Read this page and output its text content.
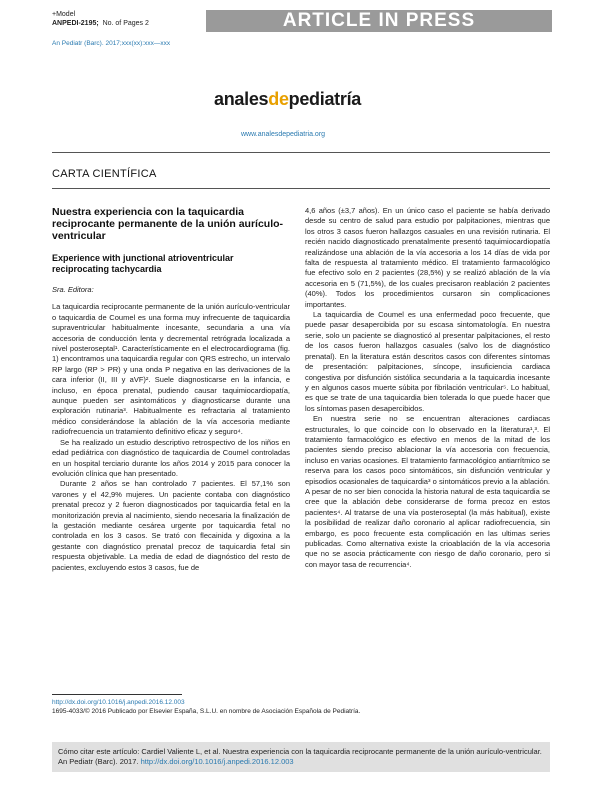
+Model
ANPEDI-2195; No. of Pages 2	ARTICLE IN PRESS
An Pediatr (Barc). 2017;xxx(xx):xxx—xxx
analesdepediatría
www.analesdepediatria.org
CARTA CIENTÍFICA
Nuestra experiencia con la taquicardia reciprocante permanente de la unión aurículo-ventricular
Experience with junctional atrioventricular reciprocating tachycardia
Sra. Editora:

La taquicardia reciprocante permanente de la unión aurículo-ventricular o taquicardia de Coumel es una forma muy infrecuente de taquicardia supraventricular habitualmente incesante, secundaria a una vía accesoria de conducción lenta y decremental retrógrada localizada a nivel posteroseptal¹. Característicamente en el electrocardiograma (fig. 1) encontramos una taquicardia regular con QRS estrecho, un intervalo RP largo (RP > PR) y una onda P negativa en las derivaciones de la cara inferior (II, III y aVF)². Suele diagnosticarse en la infancia, e incluso, en época prenatal, pudiendo causar taquimiocardiopatía, aunque pueden ser asintomáticos y diagnosticarse durante una exploración rutinaria³. Habitualmente es refractaria al tratamiento médico considerándose la ablación de la vía accesoria mediante radiofrecuencia un tratamiento definitivo eficaz y seguro⁴.

Se ha realizado un estudio descriptivo retrospectivo de los niños en edad pediátrica con diagnóstico de taquicardia de Coumel controladas en un hospital terciario durante los años 2014 y 2015 para conocer la evolución clínica que han presentado.

Durante 2 años se han controlado 7 pacientes. El 57,1% son varones y el 42,9% mujeres. Un paciente contaba con diagnóstico prenatal precoz y 2 fueron diagnosticados por taquicardia fetal en la monitorización previa al nacimiento, siendo necesaria la finalización de la gestación mediante cesárea urgente por taquicardia fetal no controlada en los 3 casos. Se trató con flecainida y digoxina a la gestante con diagnóstico prenatal precoz de taquicardia fetal sin respuesta objetivable. La media de edad de diagnóstico del resto de pacientes, excluyendo estos 3 casos, fue de

4,6 años (±3,7 años). En un único caso el paciente se había derivado desde su centro de salud para estudio por palpitaciones, mientras que los otros 3 casos fueron hallazgos casuales en una revisión rutinaria. El recién nacido diagnosticado prenatalmente presentó taquimiocardiopatía realizándose una ablación de la vía accesoria a los 14 días de vida por falta de respuesta al tratamiento médico. El tratamiento farmacológico fue efectivo solo en 2 pacientes (28,5%) y se realizó ablación de la vía accesoria en 5 (71,5%), de los cuales precisaron reablación 2 pacientes (40%). Todos los procedimientos cursaron sin complicaciones importantes.

La taquicardia de Coumel es una enfermedad poco frecuente, que puede pasar desapercibida por su escasa sintomatología. En nuestra serie, solo un paciente se diagnosticó al presentar palpitaciones, el resto de los casos fueron hallazgos casuales (salvo los de diagnóstico prenatal). En la literatura están descritos casos con diferentes síntomas de presentación: palpitaciones, síncope, insuficiencia cardiaca congestiva por disfunción sistólica secundaria a la taquicardia incesante y en algunos casos muerte súbita por fibrilación ventricular⁵. Lo habitual, es que se trate de una taquicardia bien tolerada lo que puede hacer que los síntomas pasen desapercibidos.

En nuestra serie no se encuentran alteraciones cardiacas estructurales, lo que coincide con lo observado en la literatura¹,³. El tratamiento farmacológico es efectivo en menos de la mitad de los pacientes siendo preciso ablacionar la vía accesoria con frecuencia, incluso en varias ocasiones. El tratamiento farmacológico antiarrítmico se reserva para los casos poco sintomáticos, sin disfunción ventricular y episodios ocasionales de taquicardia³ o sintomáticos previo a la ablación. A pesar de no ser bien conocida la historia natural de esta taquicardia se cree que la ablación debe considerarse de forma precoz en estos pacientes⁴. Al tratarse de una vía posteroseptal (la más habitual), existe la posibilidad de realizar daño coronario al aplicar radiofrecuencia, sin embargo, es poco frecuente esta complicación en las ultimas series publicadas. Como alternativa existe la crioablación de la vía accesoria que no se asocia prácticamente con riesgo de daño coronario, pero si con mayor tasa de recurrencia⁴.

http://dx.doi.org/10.1016/j.anpedi.2016.12.003
1695-4033/© 2016 Publicado por Elsevier España, S.L.U. en nombre de Asociación Española de Pediatría.
Cómo citar este artículo: Cardiel Valiente L, et al. Nuestra experiencia con la taquicardia reciprocante permanente de la unión aurículo-ventricular. An Pediatr (Barc). 2017. http://dx.doi.org/10.1016/j.anpedi.2016.12.003
